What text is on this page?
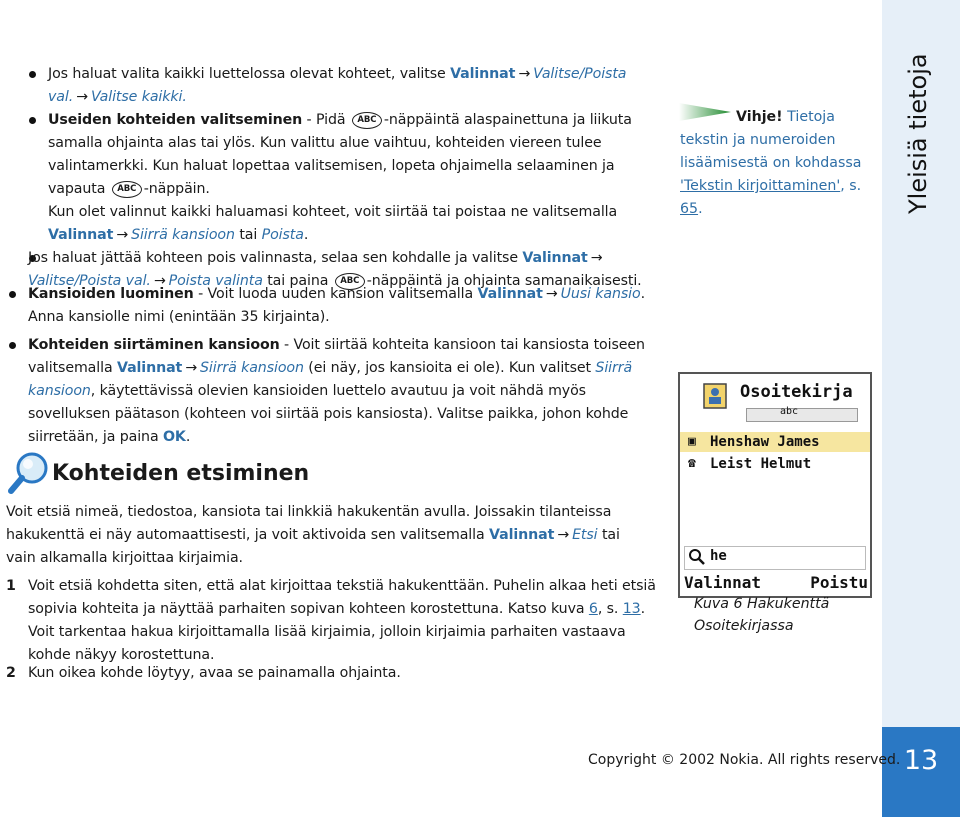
Yleisiä tietoja
13
Jos haluat valita kaikki luettelossa olevat kohteet, valitse Valinnat → Valitse/Poista
val. → Valitse kaikki.
Useiden kohteiden valitseminen - Pidä ABC -näppäintä alaspainettuna ja liikuta
samalla ohjainta alas tai ylös. Kun valittu alue vaihtuu, kohteiden viereen tulee
valintamerkki. Kun haluat lopettaa valitsemisen, lopeta ohjaimella selaaminen ja
vapauta ABC -näppäin.
Kun olet valinnut kaikki haluamasi kohteet, voit siirtää tai poistaa ne valitsemalla
Valinnat → Siirrä kansioon tai Poista.
Jos haluat jättää kohteen pois valinnasta, selaa sen kohdalle ja valitse Valinnat →
Valitse/Poista val. → Poista valinta tai paina ABC -näppäintä ja ohjainta samanaikaisesti.
Kansioiden luominen - Voit luoda uuden kansion valitsemalla Valinnat → Uusi kansio.
Anna kansiolle nimi (enintään 35 kirjainta).
Kohteiden siirtäminen kansioon - Voit siirtää kohteita kansioon tai kansiosta toiseen
valitsemalla Valinnat → Siirrä kansioon (ei näy, jos kansioita ei ole). Kun valitset Siirrä
kansioon, käytettävissä olevien kansioiden luettelo avautuu ja voit nähdä myös
sovelluksen päätason (kohteen voi siirtää pois kansiosta). Valitse paikka, johon kohde
siirretään, ja paina OK.
Kohteiden etsiminen
Voit etsiä nimeä, tiedostoa, kansiota tai linkkiä hakukentän avulla. Joissakin tilanteissa
hakukenttä ei näy automaattisesti, ja voit aktivoida sen valitsemalla Valinnat → Etsi tai
vain alkamalla kirjoittaa kirjaimia.
1 Voit etsiä kohdetta siten, että alat kirjoittaa tekstiä hakukenttään. Puhelin alkaa heti etsiä
sopivia kohteita ja näyttää parhaiten sopivan kohteen korostettuna. Katso kuva 6, s. 13.
Voit tarkentaa hakua kirjoittamalla lisää kirjaimia, jolloin kirjaimia parhaiten vastaava
kohde näkyy korostettuna.
2 Kun oikea kohde löytyy, avaa se painamalla ohjainta.
Vihje! Tietoja
tekstin ja numeroiden
lisäämisestä on kohdassa
'Tekstin kirjoittaminen', s.
65.
Osoitekirja
abc
▣ Henshaw James
☎ Leist Helmut
he
Valinnat	Poistu
Kuva 6 Hakukenttä
Osoitekirjassa
Copyright © 2002 Nokia. All rights reserved.
